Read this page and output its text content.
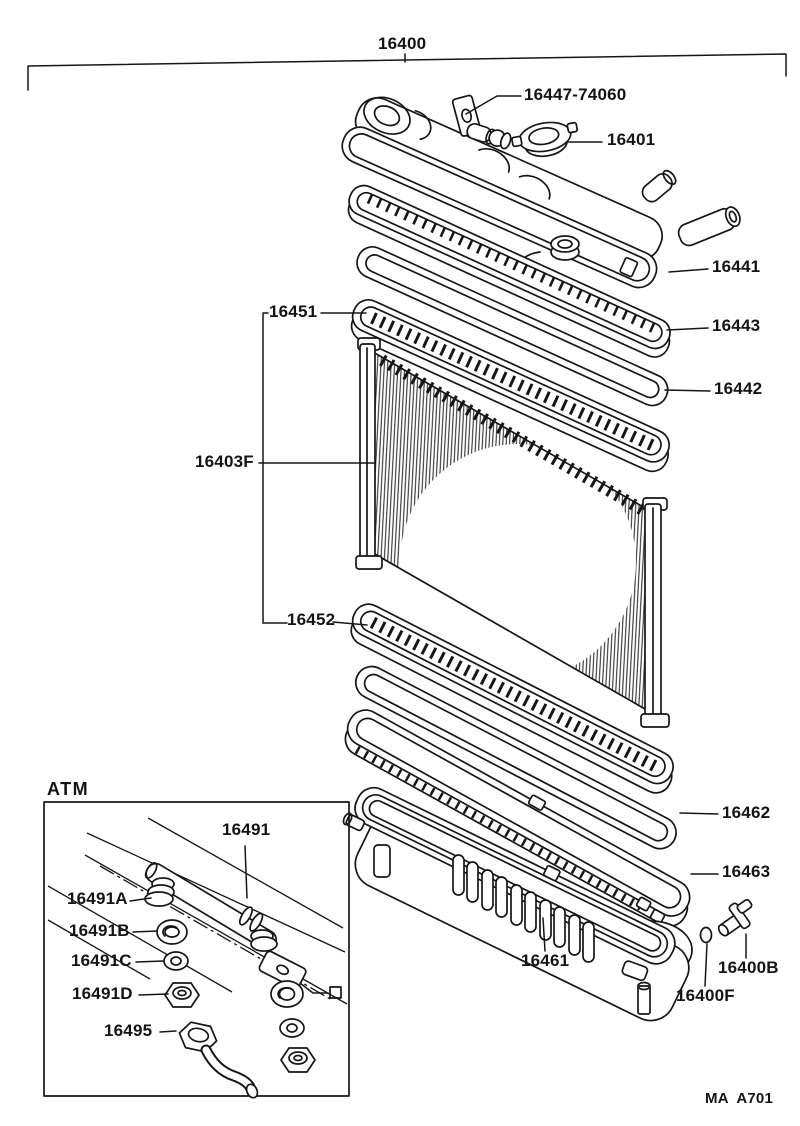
16400
16447-74060
16401
16441
16443
16442
16451
16403F
16452
16462
16463
16461	16400B
16400F
ATM
16491
16491A
16491B
16491C
16491D
16495
MA  A701
